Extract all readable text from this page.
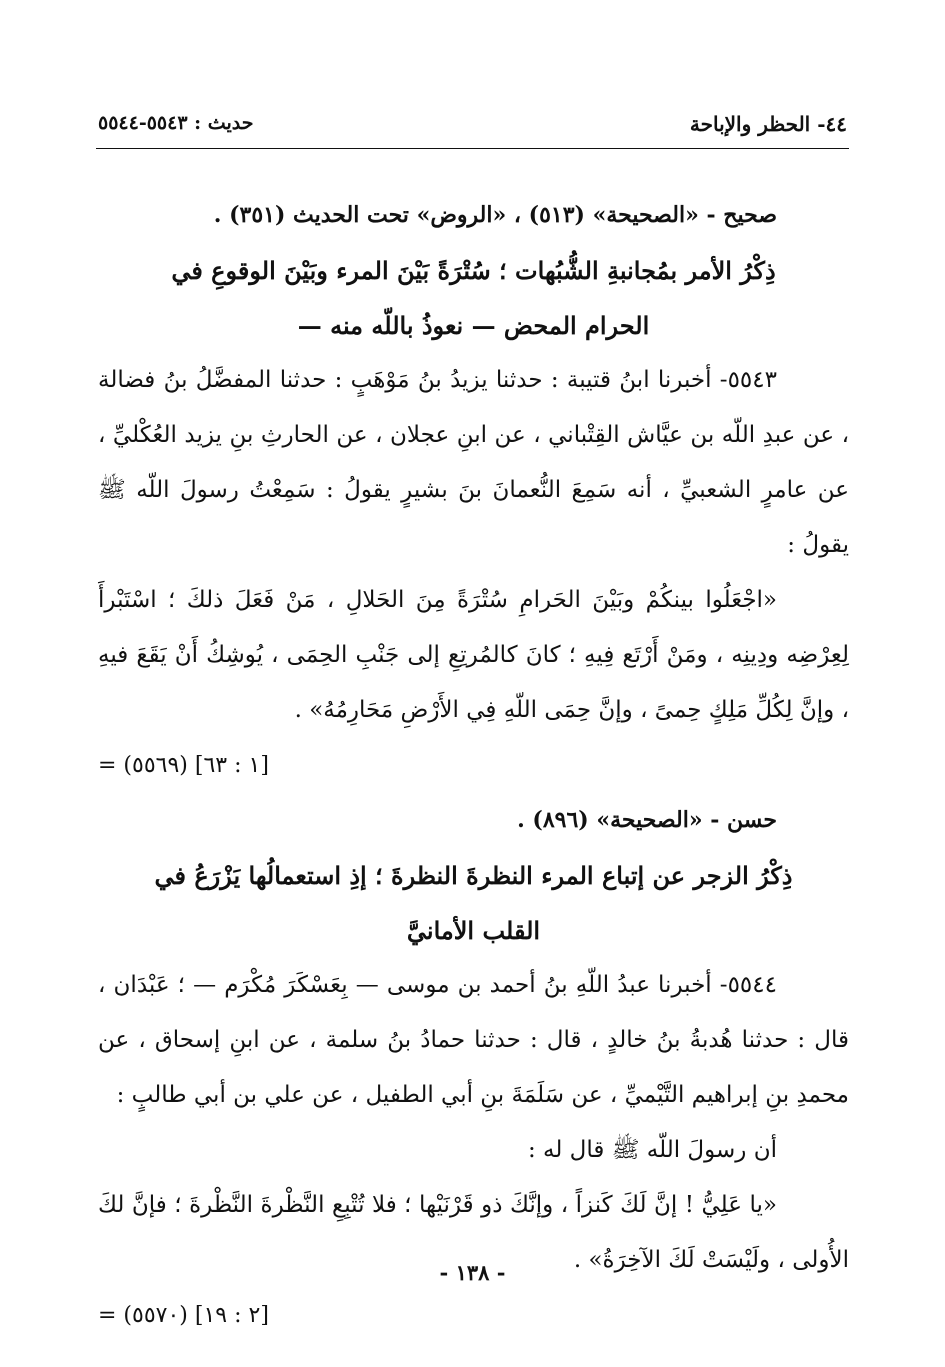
٤٤- الحظر والإباحة
حديث : ٥٥٤٣-٥٥٤٤

صحيح - «الصحيحة» (٥١٣) ، «الروض» تحت الحديث (٣٥١) .

ذِكْرُ الأمر بمُجانبةِ الشُّبُهات ؛ سُتْرَةً بَيْنَ المرء وبَيْنَ الوقوعِ في الحرام المحض — نعوذُ باللّه منه —

٥٥٤٣- أخبرنا ابنُ قتيبة : حدثنا يزيدُ بنُ مَوْهَبٍ : حدثنا المفضَّلُ بنُ فضالة ، عن عبدِ اللّه بن عيَّاش القِتْباني ، عن ابنِ عجلان ، عن الحارثِ بنِ يزيد العُكْليِّ ، عن عامرٍ الشعبيِّ ، أنه سَمِعَ النُّعمانَ بنَ بشيرٍ يقولُ : سَمِعْتُ رسولَ اللّه ﷺ يقولُ :

«اجْعَلُوا بينكُمْ وبَيْنَ الحَرامِ سُتْرَةً مِنَ الحَلالِ ، مَنْ فَعَلَ ذلكَ ؛ اسْتَبْرأَ لِعِرْضِه ودِينِه ، ومَنْ أَرْتَع فِيهِ ؛ كانَ كالمُرتِعِ إلى جَنْبِ الحِمَى ، يُوشِكُ أَنْ يَقَعَ فيهِ ، وإنَّ لِكُلِّ مَلِكٍ حِمىً ، وإنَّ حِمَى اللّهِ فِي الأَرْضِ مَحَارِمُهُ» .

= (٥٥٦٩) [١ : ٦٣]

حسن - «الصحيحة» (٨٩٦) .

ذِكْرُ الزجر عن إتباع المرء النظرةَ النظرةَ ؛ إذِ استعمالُها يَزْرَعُ في القلب الأمانيَّ

٥٥٤٤- أخبرنا عبدُ اللّهِ بنُ أحمد بن موسى — بِعَسْكَرَ مُكْرَم — ؛ عَبْدَان ، قال : حدثنا هُدبةُ بنُ خالدٍ ، قال : حدثنا حمادُ بنُ سلمة ، عن ابنِ إسحاق ، عن محمدِ بنِ إبراهيم التَّيْميِّ ، عن سَلَمَةَ بنِ أبي الطفيل ، عن علي بن أبي طالبٍ :

أن رسولَ اللّه ﷺ قال له :

«يا عَلِيُّ ! إنَّ لَكَ كَنزاً ، وإنَّكَ ذو قَرْنَيْها ؛ فلا تُتْبِعِ النَّظْرةَ النَّظْرةَ ؛ فإنَّ لكَ الأُولى ، ولَيْسَتْ لَكَ الآخِرَةُ» .

= (٥٥٧٠) [٢ : ١٩]

- ١٣٨ -
